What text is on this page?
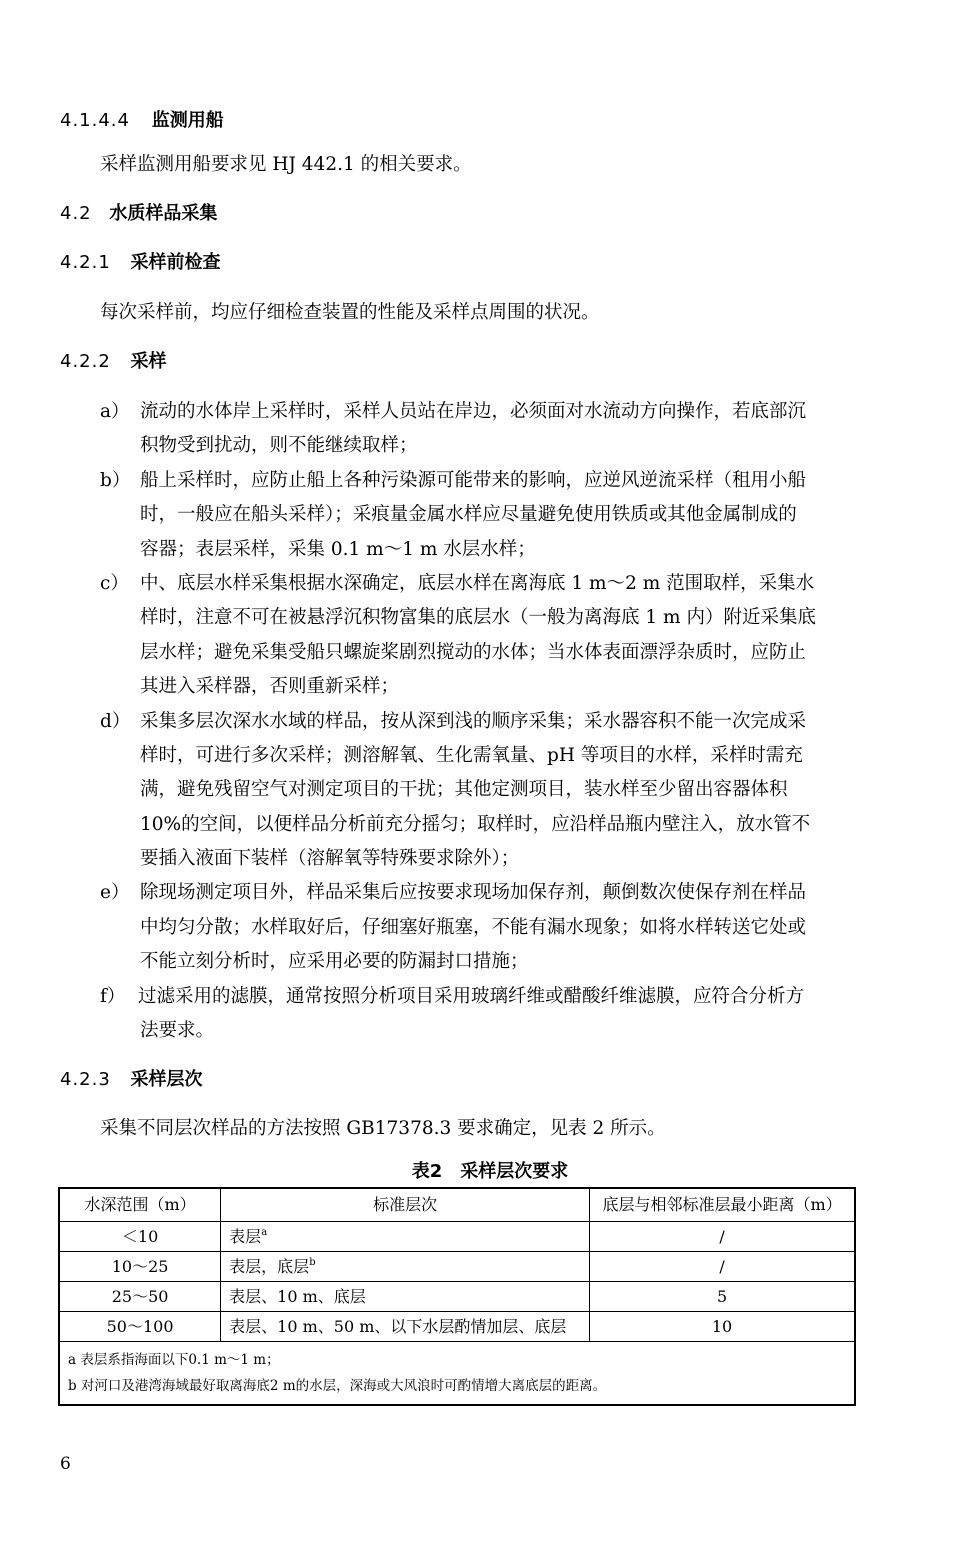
4.1.4.4 监测用船
采样监测用船要求见 HJ 442.1 的相关要求。
4.2 水质样品采集
4.2.1 采样前检查
每次采样前，均应仔细检查装置的性能及采样点周围的状况。
4.2.2 采样
a） 流动的水体岸上采样时，采样人员站在岸边，必须面对水流动方向操作，若底部沉
积物受到扰动，则不能继续取样；
b） 船上采样时，应防止船上各种污染源可能带来的影响，应逆风逆流采样（租用小船
时，一般应在船头采样）；采痕量金属水样应尽量避免使用铁质或其他金属制成的
容器；表层采样，采集 0.1 m～1 m 水层水样；
c） 中、底层水样采集根据水深确定，底层水样在离海底 1 m～2 m 范围取样，采集水
样时，注意不可在被悬浮沉积物富集的底层水（一般为离海底 1 m 内）附近采集底
层水样；避免采集受船只螺旋桨剧烈搅动的水体；当水体表面漂浮杂质时，应防止
其进入采样器，否则重新采样；
d） 采集多层次深水水域的样品，按从深到浅的顺序采集；采水器容积不能一次完成采
样时，可进行多次采样；测溶解氧、生化需氧量、pH 等项目的水样，采样时需充
满，避免残留空气对测定项目的干扰；其他定测项目，装水样至少留出容器体积
10%的空间，以便样品分析前充分摇匀；取样时，应沿样品瓶内壁注入，放水管不
要插入液面下装样（溶解氧等特殊要求除外）；
e） 除现场测定项目外，样品采集后应按要求现场加保存剂，颠倒数次使保存剂在样品
中均匀分散；水样取好后，仔细塞好瓶塞，不能有漏水现象；如将水样转送它处或
不能立刻分析时，应采用必要的防漏封口措施；
f） 过滤采用的滤膜，通常按照分析项目采用玻璃纤维或醋酸纤维滤膜，应符合分析方
法要求。
4.2.3 采样层次
采集不同层次样品的方法按照 GB17378.3 要求确定，见表 2 所示。
表2　采样层次要求
水深范围（m）	标准层次	底层与相邻标准层最小距离（m）
＜10	表层$^a$	/
10～25	表层，底层$^b$	/
25～50	表层、10 m、底层	5
50～100	表层、10 m、50 m、以下水层酌情加层、底层	10

a 表层系指海面以下0.1 m～1 m；
b 对河口及港湾海域最好取离海底2 m的水层，深海或大风浪时可酌情增大离底层的距离。		
6
